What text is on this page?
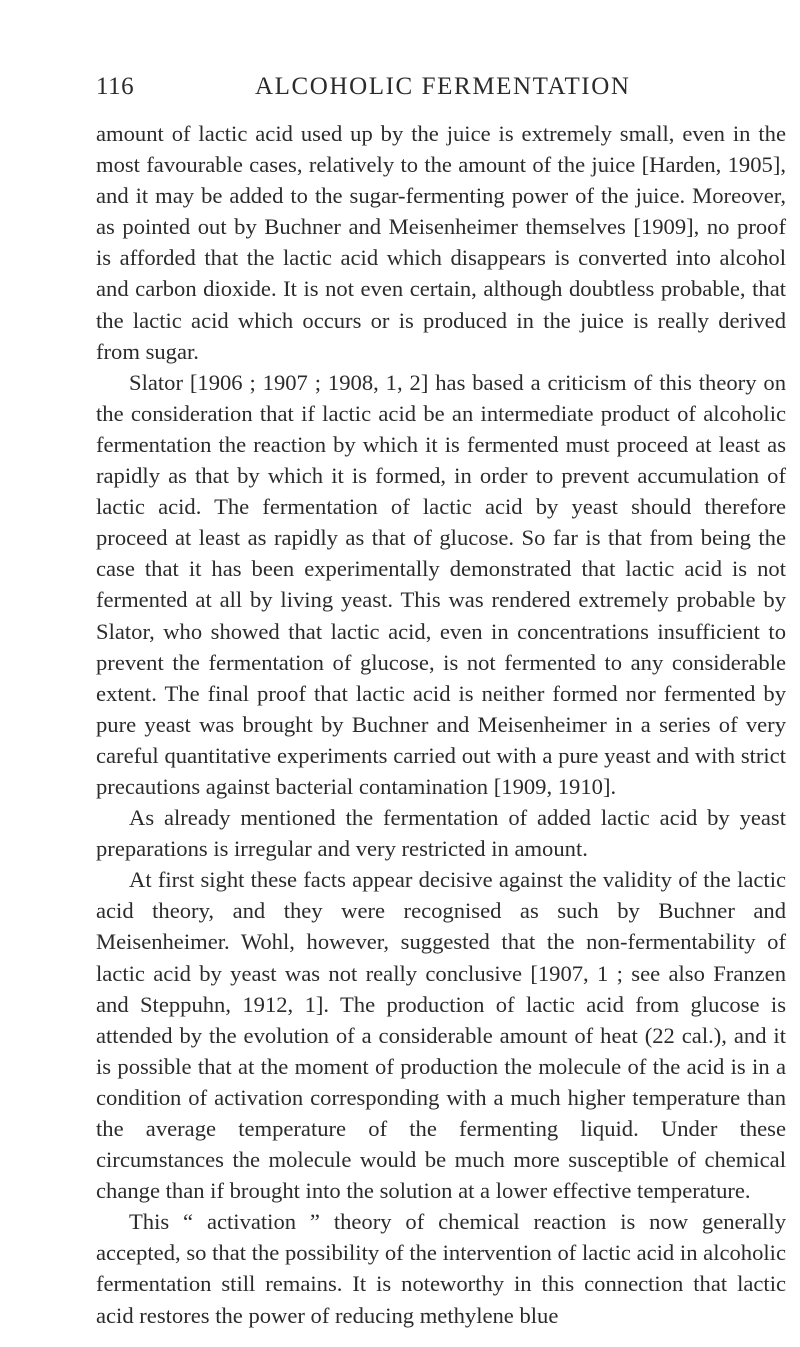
116	ALCOHOLIC FERMENTATION

amount of lactic acid used up by the juice is extremely small, even in the most favourable cases, relatively to the amount of the juice [Harden, 1905], and it may be added to the sugar-fermenting power of the juice. Moreover, as pointed out by Buchner and Meisenheimer themselves [1909], no proof is afforded that the lactic acid which disappears is converted into alcohol and carbon dioxide. It is not even certain, although doubtless probable, that the lactic acid which occurs or is produced in the juice is really derived from sugar.

Slator [1906 ; 1907 ; 1908, 1, 2] has based a criticism of this theory on the consideration that if lactic acid be an intermediate product of alcoholic fermentation the reaction by which it is fermented must proceed at least as rapidly as that by which it is formed, in order to prevent accumulation of lactic acid. The fermentation of lactic acid by yeast should therefore proceed at least as rapidly as that of glucose. So far is that from being the case that it has been experimentally demonstrated that lactic acid is not fermented at all by living yeast. This was rendered extremely probable by Slator, who showed that lactic acid, even in concentrations insufficient to prevent the fermentation of glucose, is not fermented to any considerable extent. The final proof that lactic acid is neither formed nor fermented by pure yeast was brought by Buchner and Meisenheimer in a series of very careful quantitative experiments carried out with a pure yeast and with strict precautions against bacterial contamination [1909, 1910].

As already mentioned the fermentation of added lactic acid by yeast preparations is irregular and very restricted in amount.

At first sight these facts appear decisive against the validity of the lactic acid theory, and they were recognised as such by Buchner and Meisenheimer. Wohl, however, suggested that the non-fermentability of lactic acid by yeast was not really conclusive [1907, 1 ; see also Franzen and Steppuhn, 1912, 1]. The production of lactic acid from glucose is attended by the evolution of a considerable amount of heat (22 cal.), and it is possible that at the moment of production the molecule of the acid is in a condition of activation corresponding with a much higher temperature than the average temperature of the fermenting liquid. Under these circumstances the molecule would be much more susceptible of chemical change than if brought into the solution at a lower effective temperature.

This “ activation ” theory of chemical reaction is now generally accepted, so that the possibility of the intervention of lactic acid in alcoholic fermentation still remains. It is noteworthy in this connection that lactic acid restores the power of reducing methylene blue
